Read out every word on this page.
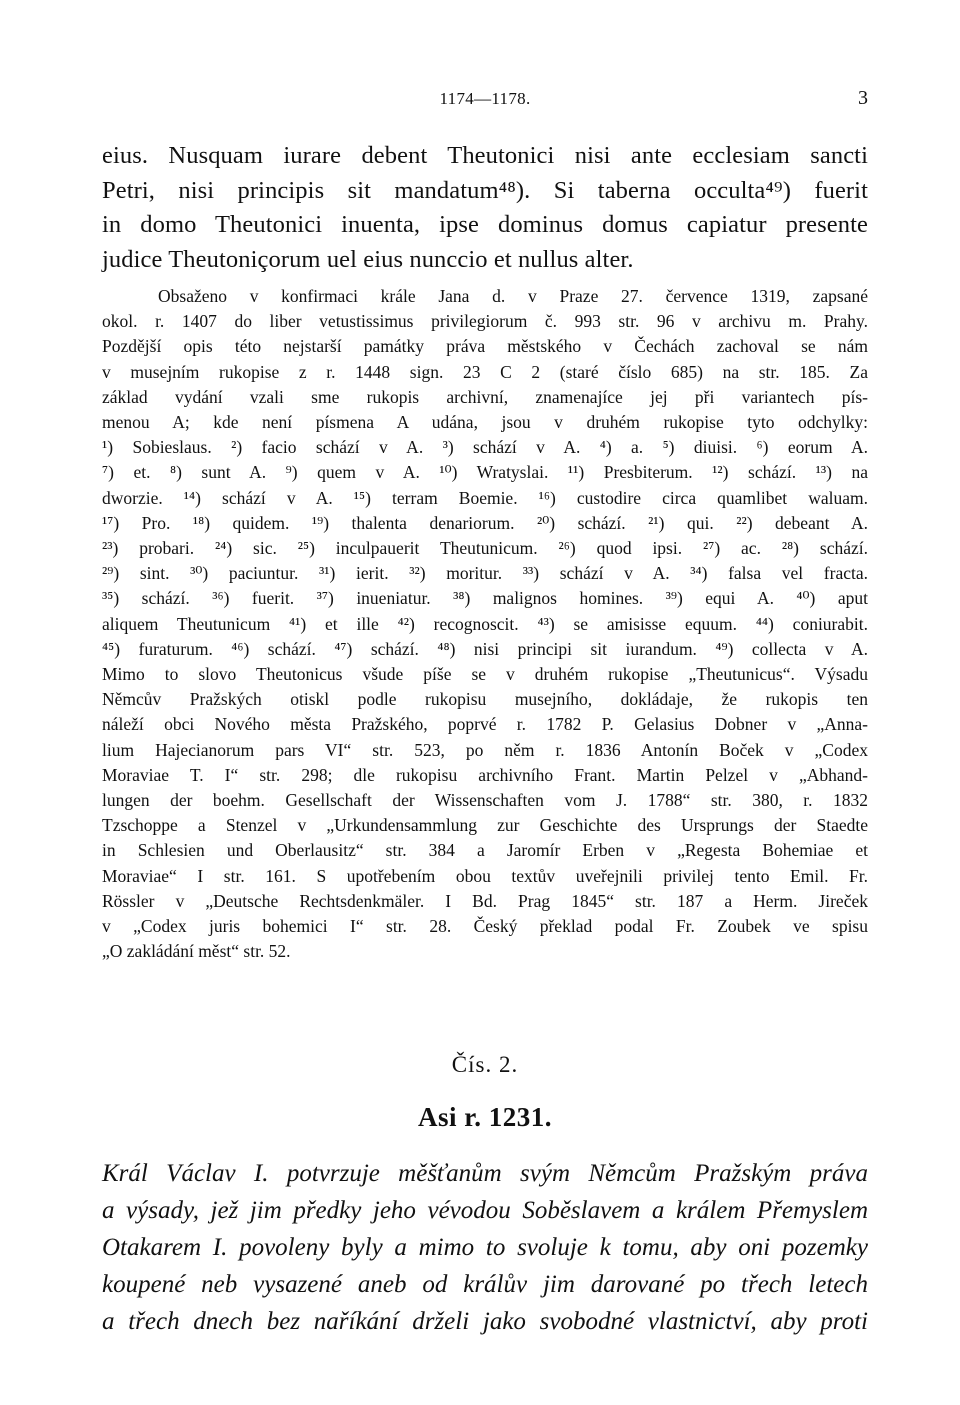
1174—1178.	3
eius. Nusquam iurare debent Theutonici nisi ante ecclesiam sancti
Petri, nisi principis sit mandatum⁴⁸). Si taberna occulta⁴⁹) fuerit
in domo Theutonici inuenta, ipse dominus domus capiatur presente
judice Theutoniçorum uel eius nunccio et nullus alter.
Obsaženo v konfirmaci krále Jana d. v Praze 27. července 1319, zapsané
okol. r. 1407 do liber vetustissimus privilegiorum č. 993 str. 96 v archivu m. Prahy.
Pozdější opis této nejstarší památky práva městského v Čechách zachoval se nám
v musejním rukopise z r. 1448 sign. 23 C 2 (staré číslo 685) na str. 185. Za
základ vydání vzali sme rukopis archivní, znamenajíce jej při variantech pís-
menou A; kde není písmena A udána, jsou v druhém rukopise tyto odchylky:
¹) Sobieslaus. ²) facio schází v A. ³) schází v A. ⁴) a. ⁵) diuisi. ⁶) eorum A.
⁷) et. ⁸) sunt A. ⁹) quem v A. ¹⁰) Wratyslai. ¹¹) Presbiterum. ¹²) schází. ¹³) na
dworzie. ¹⁴) schází v A. ¹⁵) terram Boemie. ¹⁶) custodire circa quamlibet waluam.
¹⁷) Pro. ¹⁸) quidem. ¹⁹) thalenta denariorum. ²⁰) schází. ²¹) qui. ²²) debeant A.
²³) probari. ²⁴) sic. ²⁵) inculpauerit Theutunicum. ²⁶) quod ipsi. ²⁷) ac. ²⁸) schází.
²⁹) sint. ³⁰) paciuntur. ³¹) ierit. ³²) moritur. ³³) schází v A. ³⁴) falsa vel fracta.
³⁵) schází. ³⁶) fuerit. ³⁷) inueniatur. ³⁸) malignos homines. ³⁹) equi A. ⁴⁰) aput
aliquem Theutunicum ⁴¹) et ille ⁴²) recognoscit. ⁴³) se amisisse equum. ⁴⁴) coniurabit.
⁴⁵) furaturum. ⁴⁶) schází. ⁴⁷) schází. ⁴⁸) nisi principi sit iurandum. ⁴⁹) collecta v A.
Mimo to slovo Theutonicus všude píše se v druhém rukopise „Theutunicus“. Výsadu
Němcův Pražských otiskl podle rukopisu musejního, dokládaje, že rukopis ten
náleží obci Nového města Pražského, poprvé r. 1782 P. Gelasius Dobner v „Anna-
lium Hajecianorum pars VI“ str. 523, po něm r. 1836 Antonín Boček v „Codex
Moraviae T. I“ str. 298; dle rukopisu archivního Frant. Martin Pelzel v „Abhand-
lungen der boehm. Gesellschaft der Wissenschaften vom J. 1788“ str. 380, r. 1832
Tzschoppe a Stenzel v „Urkundensammlung zur Geschichte des Ursprungs der Staedte
in Schlesien und Oberlausitz“ str. 384 a Jaromír Erben v „Regesta Bohemiae et
Moraviae“ I str. 161. S upotřebením obou textův uveřejnili privilej tento Emil. Fr.
Rössler v „Deutsche Rechtsdenkmäler. I Bd. Prag 1845“ str. 187 a Herm. Jireček
v „Codex juris bohemici I“ str. 28. Český překlad podal Fr. Zoubek ve spisu
„O zakládání měst“ str. 52.
Čís. 2.
Asi r. 1231.
Král Václav I. potvrzuje měšťanům svým Němcům Pražským práva
a výsady, jež jim předky jeho vévodou Soběslavem a králem Přemyslem
Otakarem I. povoleny byly a mimo to svoluje k tomu, aby oni pozemky
koupené neb vysazené aneb od králův jim darované po třech letech
a třech dnech bez naříkání drželi jako svobodné vlastnictví, aby proti
